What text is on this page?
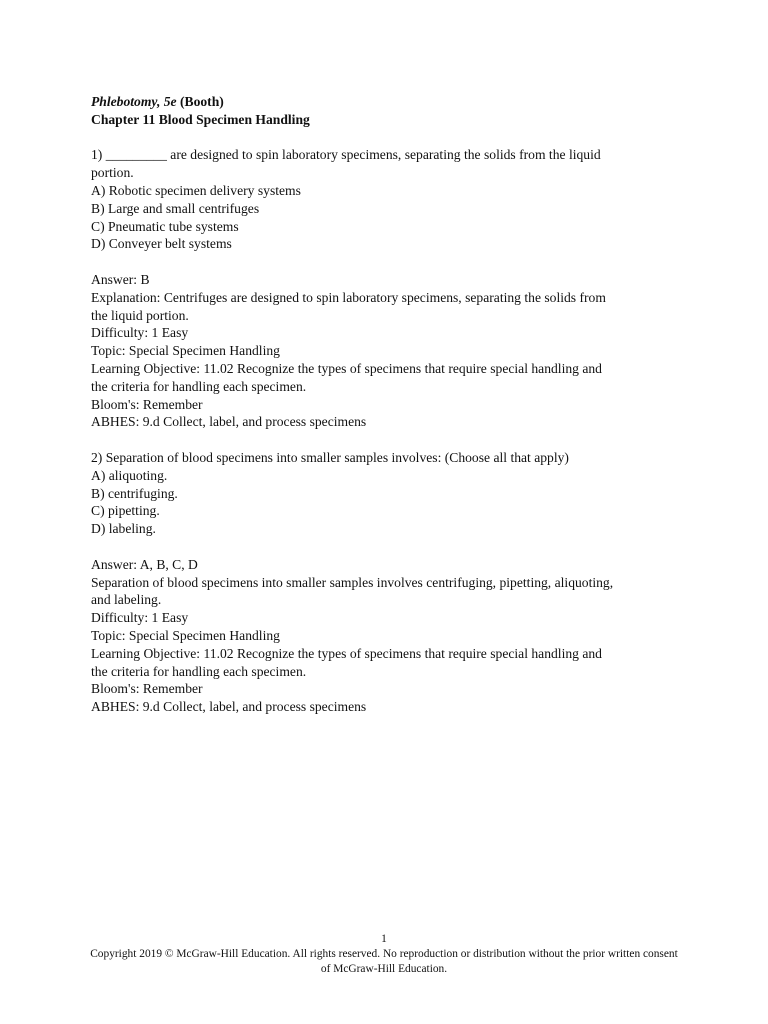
Phlebotomy, 5e (Booth)
Chapter 11 Blood Specimen Handling
1) _________ are designed to spin laboratory specimens, separating the solids from the liquid
portion.
A) Robotic specimen delivery systems
B) Large and small centrifuges
C) Pneumatic tube systems
D) Conveyer belt systems
Answer: B
Explanation: Centrifuges are designed to spin laboratory specimens, separating the solids from
the liquid portion.
Difficulty: 1 Easy
Topic: Special Specimen Handling
Learning Objective: 11.02 Recognize the types of specimens that require special handling and
the criteria for handling each specimen.
Bloom's: Remember
ABHES: 9.d Collect, label, and process specimens
2) Separation of blood specimens into smaller samples involves: (Choose all that apply)
A) aliquoting.
B) centrifuging.
C) pipetting.
D) labeling.
Answer: A, B, C, D
Separation of blood specimens into smaller samples involves centrifuging, pipetting, aliquoting,
and labeling.
Difficulty: 1 Easy
Topic: Special Specimen Handling
Learning Objective: 11.02 Recognize the types of specimens that require special handling and
the criteria for handling each specimen.
Bloom's: Remember
ABHES: 9.d Collect, label, and process specimens
1
Copyright 2019 © McGraw-Hill Education. All rights reserved. No reproduction or distribution without the prior written consent of McGraw-Hill Education.
